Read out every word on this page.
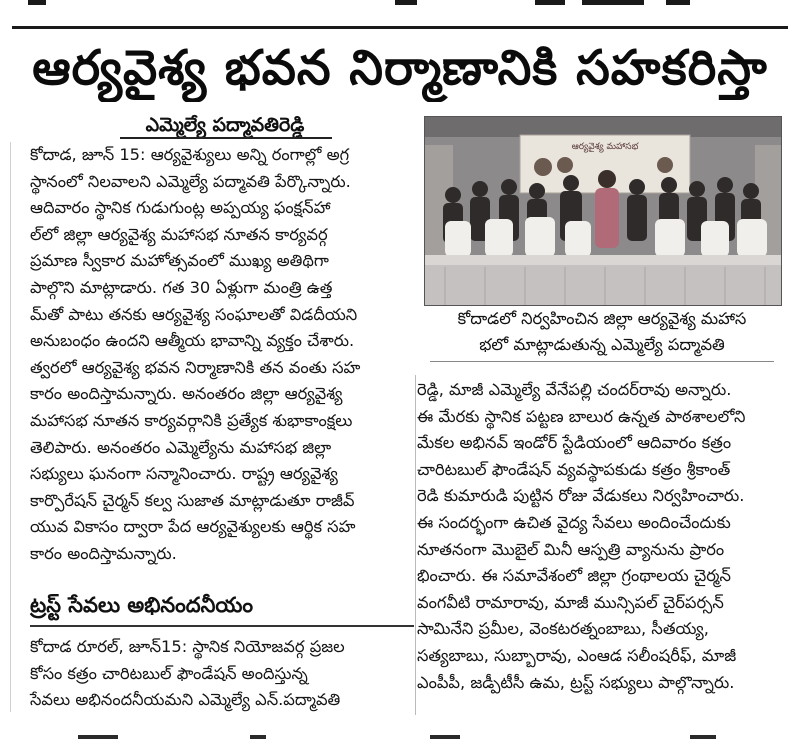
ఆర్యవైశ్య భవన నిర్మాణానికి సహకరిస్తా
ఎమ్మెల్యే పద్మావతిరెడ్డి

కోదాడ, జూన్ 15: ఆర్యవైశ్యులు అన్ని రంగాల్లో అగ్ర

స్థానంలో నిలవాలని ఎమ్మెల్యే పద్మావతి పేర్కొన్నారు.

ఆదివారం స్థానిక గుడుగుంట్ల అప్పయ్య ఫంక్షన్‌హా

ల్‌లో జిల్లా ఆర్యవైశ్య మహాసభ నూతన కార్యవర్గ

ప్రమాణ స్వీకార మహోత్సవంలో ముఖ్య అతిథిగా

పాల్గొని మాట్లాడారు. గత 30 ఏళ్లుగా మంత్రి ఉత్త

మ్‌తో పాటు తనకు ఆర్యవైశ్య సంఘాలతో విడదీయని

అనుబంధం ఉందని ఆత్మీయ భావాన్ని వ్యక్తం చేశారు.

త్వరలో ఆర్యవైశ్య భవన నిర్మాణానికి తన వంతు సహ

కారం అందిస్తామన్నారు. అనంతరం జిల్లా ఆర్యవైశ్య

మహాసభ నూతన కార్యవర్గానికి ప్రత్యేక శుభాకాంక్షలు

తెలిపారు. అనంతరం ఎమ్మెల్యేను మహాసభ జిల్లా

సభ్యులు ఘనంగా సన్మానించారు. రాష్ట్ర ఆర్యవైశ్య

కార్పొరేషన్ చైర్మన్ కల్వ సుజాత మాట్లాడుతూ రాజీవ్

యువ వికాసం ద్వారా పేద ఆర్యవైశ్యులకు ఆర్థిక సహ

కారం అందిస్తామన్నారు.

ఆర్యవైశ్య మహాసభ
కోదాడలో నిర్వహించిన జిల్లా ఆర్యవైశ్య మహాస
భలో మాట్లాడుతున్న ఎమ్మెల్యే పద్మావతి

రెడ్డి, మాజీ ఎమ్మెల్యే వేనేపల్లి చందర్‌రావు అన్నారు.

ఈ మేరకు స్థానిక పట్టణ బాలుర ఉన్నత పాఠశాలలోని

మేకల అభినవ్ ఇండోర్ స్టేడియంలో ఆదివారం కత్రం

చారిటబుల్ ఫౌండేషన్ వ్యవస్థాపకుడు కత్రం శ్రీకాంత్

రెడి కుమారుడి పుట్టిన రోజు వేడుకలు నిర్వహించారు.

ఈ సందర్భంగా ఉచిత వైద్య సేవలు అందించేందుకు

నూతనంగా మొబైల్ మినీ ఆస్పత్రి వ్యానును ప్రారం

భించారు. ఈ సమావేశంలో జిల్లా గ్రంథాలయ చైర్మన్

వంగవీటి రామారావు, మాజీ మున్సిపల్ చైర్‌పర్సన్

సామినేని ప్రమీల, వెంకటరత్నంబాబు, సీతయ్య,

సత్యబాబు, సుబ్బారావు, ఎంఆడ సలీంషరీఫ్, మాజీ

ఎంపీపీ, జడ్పీటీసీ ఉమ, ట్రస్ట్ సభ్యులు పాల్గొన్నారు.

ట్రస్ట్ సేవలు అభినందనీయం

కోదాడ రూరల్, జూన్15: స్థానిక నియోజవర్గ ప్రజల

కోసం కత్రం చారిటబుల్ ఫౌండేషన్ అందిస్తున్న

సేవలు అభినందనీయమని ఎమ్మెల్యే ఎన్.పద్మావతి
